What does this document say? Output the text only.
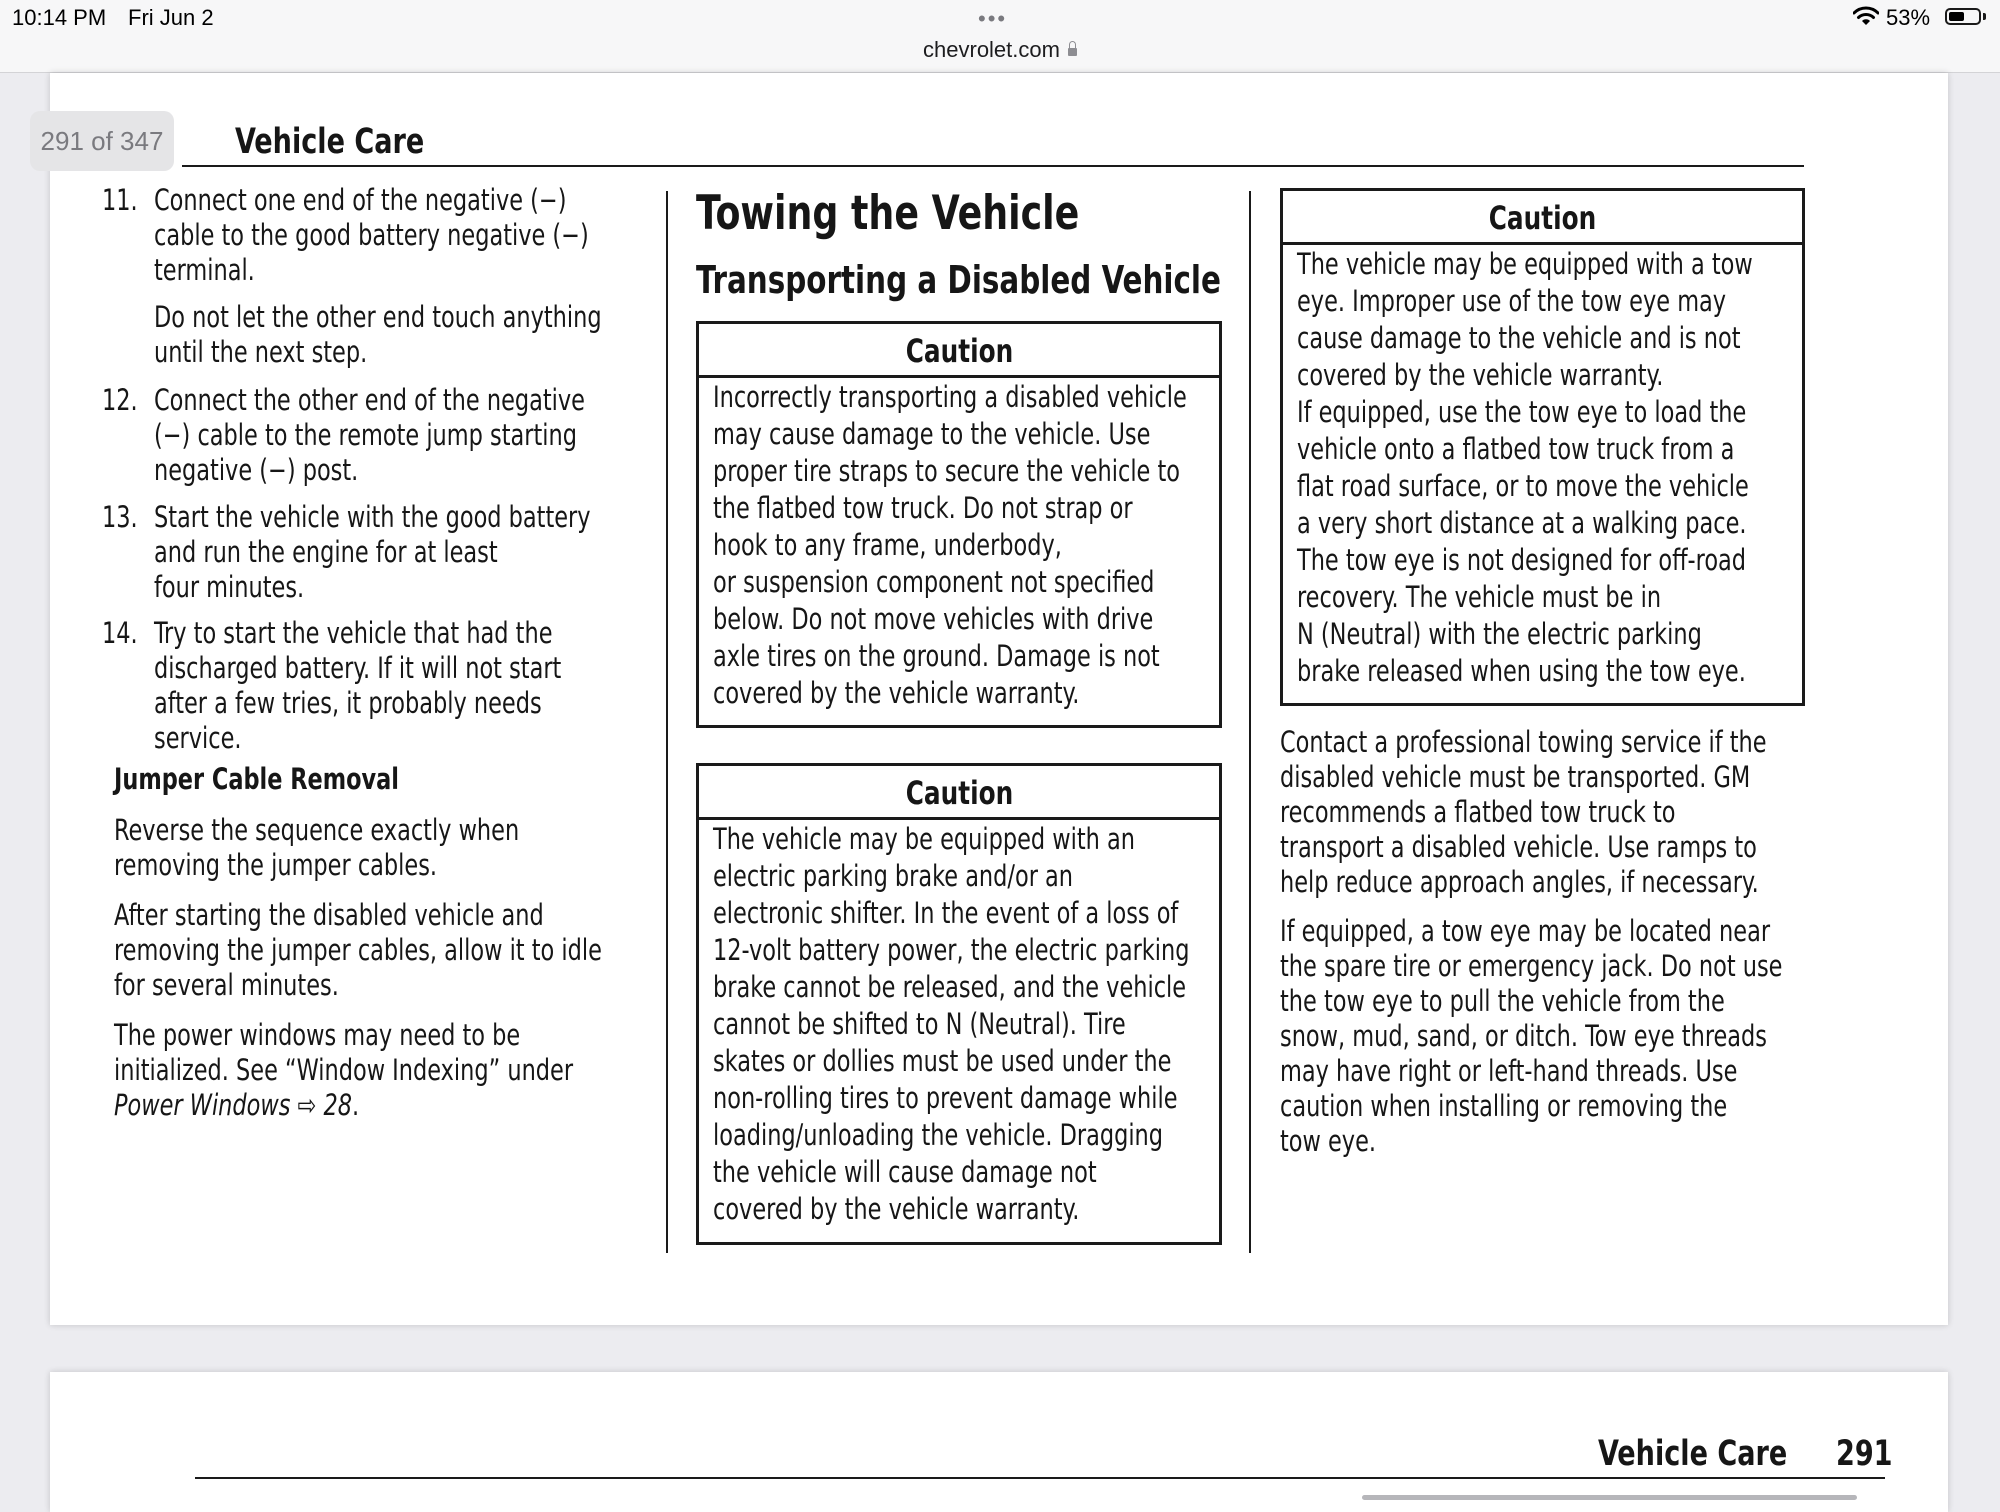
10:14 PM Fri Jun 2	•••
chevrolet.com
53%
291 of 347	Vehicle Care
11. Connect one end of the negative (−)
cable to the good battery negative (−)
terminal.
Do not let the other end touch anything
until the next step.
12. Connect the other end of the negative
(−) cable to the remote jump starting
negative (−) post.
13. Start the vehicle with the good battery
and run the engine for at least
four minutes.
14. Try to start the vehicle that had the
discharged battery. If it will not start
after a few tries, it probably needs
service.
Jumper Cable Removal
Reverse the sequence exactly when
removing the jumper cables.
After starting the disabled vehicle and
removing the jumper cables, allow it to idle
for several minutes.
The power windows may need to be
initialized. See “Window Indexing” under
Power Windows ⇨ 28.
Towing the Vehicle
Transporting a Disabled Vehicle
Caution
Incorrectly transporting a disabled vehicle
may cause damage to the vehicle. Use
proper tire straps to secure the vehicle to
the flatbed tow truck. Do not strap or
hook to any frame, underbody,
or suspension component not specified
below. Do not move vehicles with drive
axle tires on the ground. Damage is not
covered by the vehicle warranty.
Caution
The vehicle may be equipped with an
electric parking brake and/or an
electronic shifter. In the event of a loss of
12-volt battery power, the electric parking
brake cannot be released, and the vehicle
cannot be shifted to N (Neutral). Tire
skates or dollies must be used under the
non-rolling tires to prevent damage while
loading/unloading the vehicle. Dragging
the vehicle will cause damage not
covered by the vehicle warranty.
Caution
The vehicle may be equipped with a tow
eye. Improper use of the tow eye may
cause damage to the vehicle and is not
covered by the vehicle warranty.
If equipped, use the tow eye to load the
vehicle onto a flatbed tow truck from a
flat road surface, or to move the vehicle
a very short distance at a walking pace.
The tow eye is not designed for off-road
recovery. The vehicle must be in
N (Neutral) with the electric parking
brake released when using the tow eye.
Contact a professional towing service if the
disabled vehicle must be transported. GM
recommends a flatbed tow truck to
transport a disabled vehicle. Use ramps to
help reduce approach angles, if necessary.
If equipped, a tow eye may be located near
the spare tire or emergency jack. Do not use
the tow eye to pull the vehicle from the
snow, mud, sand, or ditch. Tow eye threads
may have right or left-hand threads. Use
caution when installing or removing the
tow eye.
Vehicle Care	291
